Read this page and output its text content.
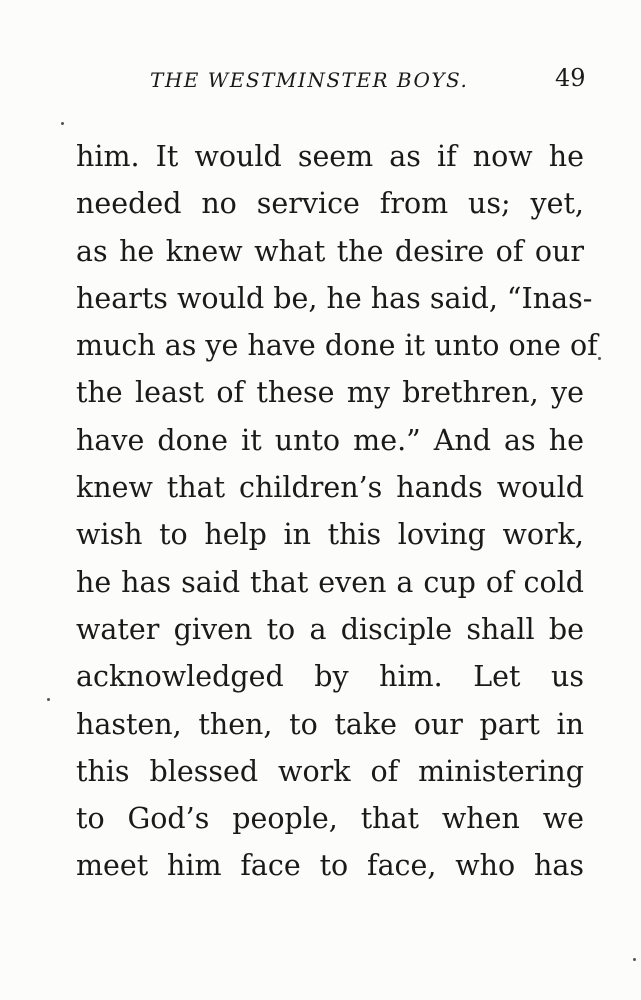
THE WESTMINSTER BOYS.	49
him. It would seem as if now he
needed no service from us; yet,
as he knew what the desire of our
hearts would be, he has said, “Inas-
much as ye have done it unto one of
the least of these my brethren, ye
have done it unto me.” And as he
knew that children’s hands would
wish to help in this loving work,
he has said that even a cup of cold
water given to a disciple shall be
acknowledged by him. Let us
hasten, then, to take our part in
this blessed work of ministering
to God’s people, that when we
meet him face to face, who has
